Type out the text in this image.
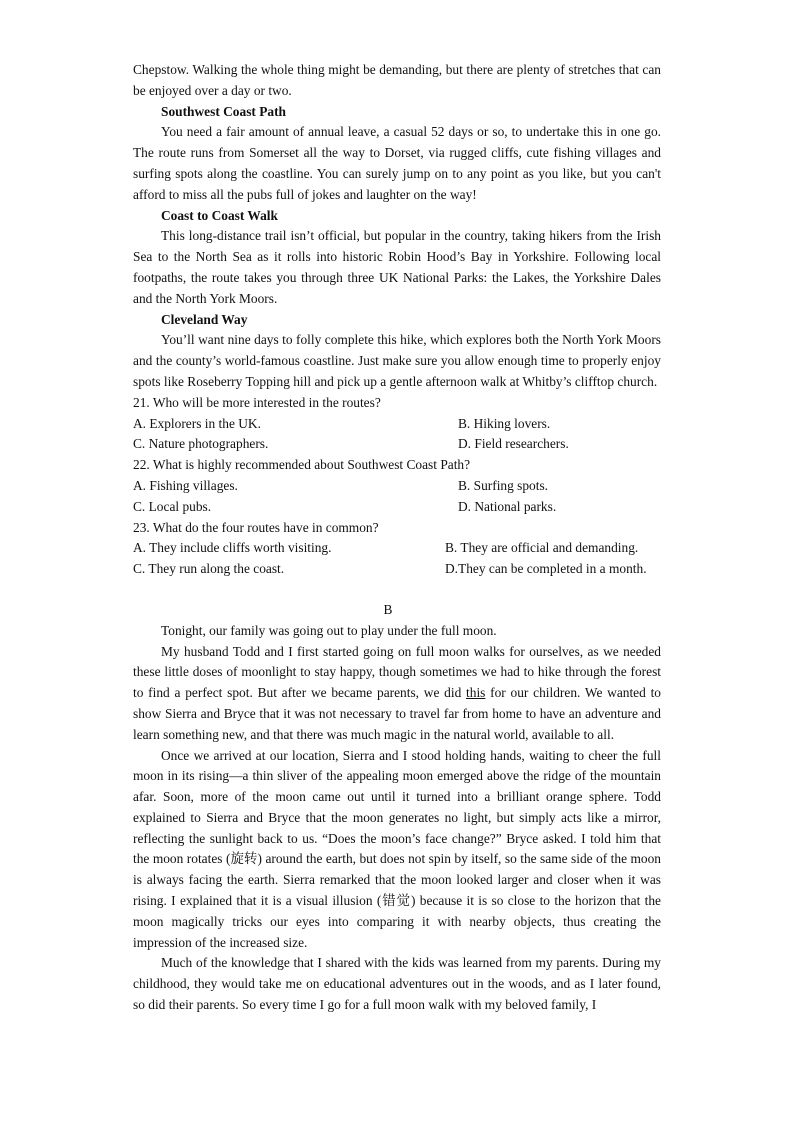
Chepstow. Walking the whole thing might be demanding, but there are plenty of stretches that can be enjoyed over a day or two.

Southwest Coast Path

You need a fair amount of annual leave, a casual 52 days or so, to undertake this in one go. The route runs from Somerset all the way to Dorset, via rugged cliffs, cute fishing villages and surfing spots along the coastline. You can surely jump on to any point as you like, but you can't afford to miss all the pubs full of jokes and laughter on the way!

Coast to Coast Walk

This long-distance trail isn’t official, but popular in the country, taking hikers from the Irish Sea to the North Sea as it rolls into historic Robin Hood’s Bay in Yorkshire. Following local footpaths, the route takes you through three UK National Parks: the Lakes, the Yorkshire Dales and the North York Moors.

Cleveland Way

You’ll want nine days to folly complete this hike, which explores both the North York Moors and the county’s world-famous coastline. Just make sure you allow enough time to properly enjoy spots like Roseberry Topping hill and pick up a gentle afternoon walk at Whitby’s clifftop church.

21. Who will be more interested in the routes?

A. Explorers in the UK.	B. Hiking lovers.
C. Nature photographers.	D. Field researchers.

22. What is highly recommended about Southwest Coast Path?

A. Fishing villages.	B. Surfing spots.
C. Local pubs.	D. National parks.

23. What do the four routes have in common?

A. They include cliffs worth visiting.	B. They are official and demanding.
C. They run along the coast.	D.They can be completed in a month.

B

Tonight, our family was going out to play under the full moon.

My husband Todd and I first started going on full moon walks for ourselves, as we needed these little doses of moonlight to stay happy, though sometimes we had to hike through the forest to find a perfect spot. But after we became parents, we did this for our children. We wanted to show Sierra and Bryce that it was not necessary to travel far from home to have an adventure and learn something new, and that there was much magic in the natural world, available to all.

Once we arrived at our location, Sierra and I stood holding hands, waiting to cheer the full moon in its rising—a thin sliver of the appealing moon emerged above the ridge of the mountain afar. Soon, more of the moon came out until it turned into a brilliant orange sphere. Todd explained to Sierra and Bryce that the moon generates no light, but simply acts like a mirror, reflecting the sunlight back to us. “Does the moon’s face change?” Bryce asked. I told him that the moon rotates (旋转) around the earth, but does not spin by itself, so the same side of the moon is always facing the earth. Sierra remarked that the moon looked larger and closer when it was rising. I explained that it is a visual illusion (错觉) because it is so close to the horizon that the moon magically tricks our eyes into comparing it with nearby objects, thus creating the impression of the increased size.

Much of the knowledge that I shared with the kids was learned from my parents. During my childhood, they would take me on educational adventures out in the woods, and as I later found, so did their parents. So every time I go for a full moon walk with my beloved family, I
